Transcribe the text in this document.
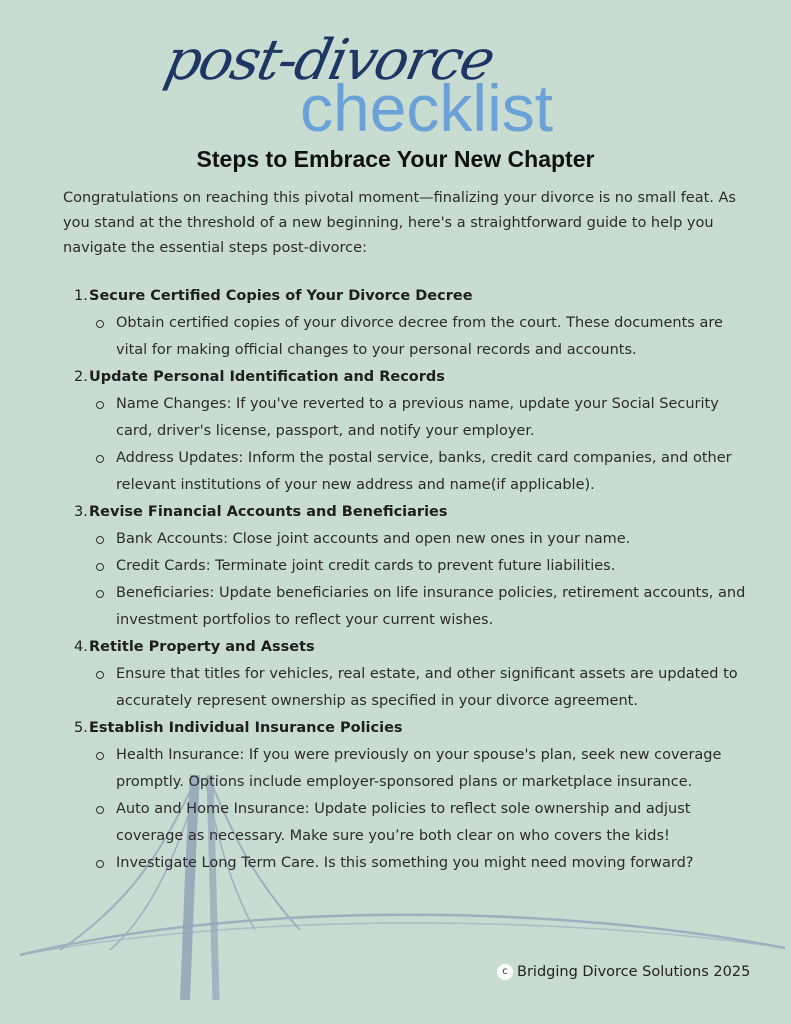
post-divorce
checklist
Steps to Embrace Your New Chapter
Congratulations on reaching this pivotal moment—finalizing your divorce is no small feat. As you stand at the threshold of a new beginning, here's a straightforward guide to help you navigate the essential steps post-divorce:
1. Secure Certified Copies of Your Divorce Decree
Obtain certified copies of your divorce decree from the court. These documents are vital for making official changes to your personal records and accounts.
2. Update Personal Identification and Records
Name Changes: If you've reverted to a previous name, update your Social Security card, driver's license, passport, and notify your employer.
Address Updates: Inform the postal service, banks, credit card companies, and other relevant institutions of your new address and name(if applicable).
3. Revise Financial Accounts and Beneficiaries
Bank Accounts: Close joint accounts and open new ones in your name.
Credit Cards: Terminate joint credit cards to prevent future liabilities.
Beneficiaries: Update beneficiaries on life insurance policies, retirement accounts, and investment portfolios to reflect your current wishes.
4. Retitle Property and Assets
Ensure that titles for vehicles, real estate, and other significant assets are updated to accurately represent ownership as specified in your divorce agreement.
5. Establish Individual Insurance Policies
Health Insurance: If you were previously on your spouse's plan, seek new coverage promptly. Options include employer-sponsored plans or marketplace insurance.
Auto and Home Insurance: Update policies to reflect sole ownership and adjust coverage as necessary. Make sure you’re both clear on who covers the kids!
Investigate Long Term Care. Is this something you might need moving forward?
c Bridging Divorce Solutions 2025
